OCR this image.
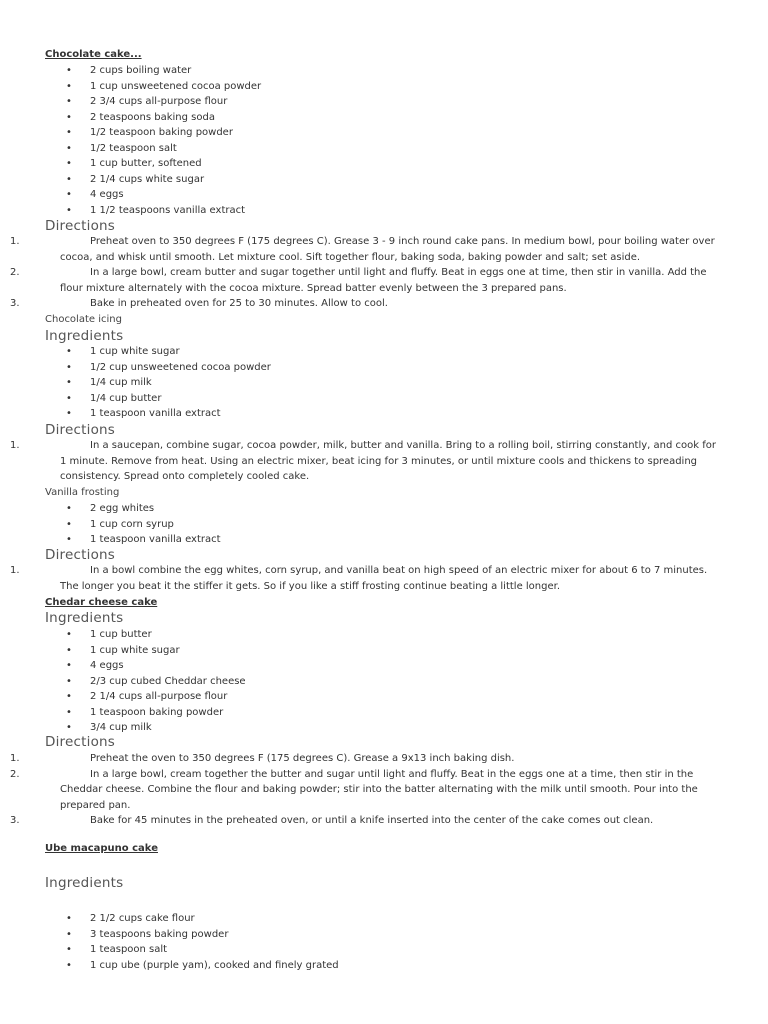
Chocolate cake...

• 2 cups boiling water
• 1 cup unsweetened cocoa powder
• 2 3/4 cups all-purpose flour
• 2 teaspoons baking soda
• 1/2 teaspoon baking powder
• 1/2 teaspoon salt
• 1 cup butter, softened
• 2 1/4 cups white sugar
• 4 eggs
• 1 1/2 teaspoons vanilla extract
Directions
1.	Preheat oven to 350 degrees F (175 degrees C). Grease 3 - 9 inch round cake pans. In medium bowl, pour boiling water over cocoa, and whisk until smooth. Let mixture cool. Sift together flour, baking soda, baking powder and salt; set aside.
2.	In a large bowl, cream butter and sugar together until light and fluffy. Beat in eggs one at time, then stir in vanilla. Add the flour mixture alternately with the cocoa mixture. Spread batter evenly between the 3 prepared pans.
3.	Bake in preheated oven for 25 to 30 minutes. Allow to cool.

Chocolate icing

Ingredients
• 1 cup white sugar
• 1/2 cup unsweetened cocoa powder
• 1/4 cup milk
• 1/4 cup butter
• 1 teaspoon vanilla extract
Directions
1.	In a saucepan, combine sugar, cocoa powder, milk, butter and vanilla. Bring to a rolling boil, stirring constantly, and cook for 1 minute. Remove from heat. Using an electric mixer, beat icing for 3 minutes, or until mixture cools and thickens to spreading consistency. Spread onto completely cooled cake.

Vanilla frosting

• 2 egg whites
• 1 cup corn syrup
• 1 teaspoon vanilla extract
Directions
1.	In a bowl combine the egg whites, corn syrup, and vanilla beat on high speed of an electric mixer for about 6 to 7 minutes. The longer you beat it the stiffer it gets. So if you like a stiff frosting continue beating a little longer.

Chedar cheese cake

Ingredients
• 1 cup butter
• 1 cup white sugar
• 4 eggs
• 2/3 cup cubed Cheddar cheese
• 2 1/4 cups all-purpose flour
• 1 teaspoon baking powder
• 3/4 cup milk
Directions
1.	Preheat the oven to 350 degrees F (175 degrees C). Grease a 9x13 inch baking dish.
2.	In a large bowl, cream together the butter and sugar until light and fluffy. Beat in the eggs one at a time, then stir in the Cheddar cheese. Combine the flour and baking powder; stir into the batter alternating with the milk until smooth. Pour into the prepared pan.
3.	Bake for 45 minutes in the preheated oven, or until a knife inserted into the center of the cake comes out clean.

Ube macapuno cake

Ingredients
• 2 1/2 cups cake flour
• 3 teaspoons baking powder
• 1 teaspoon salt
• 1 cup ube (purple yam), cooked and finely grated
